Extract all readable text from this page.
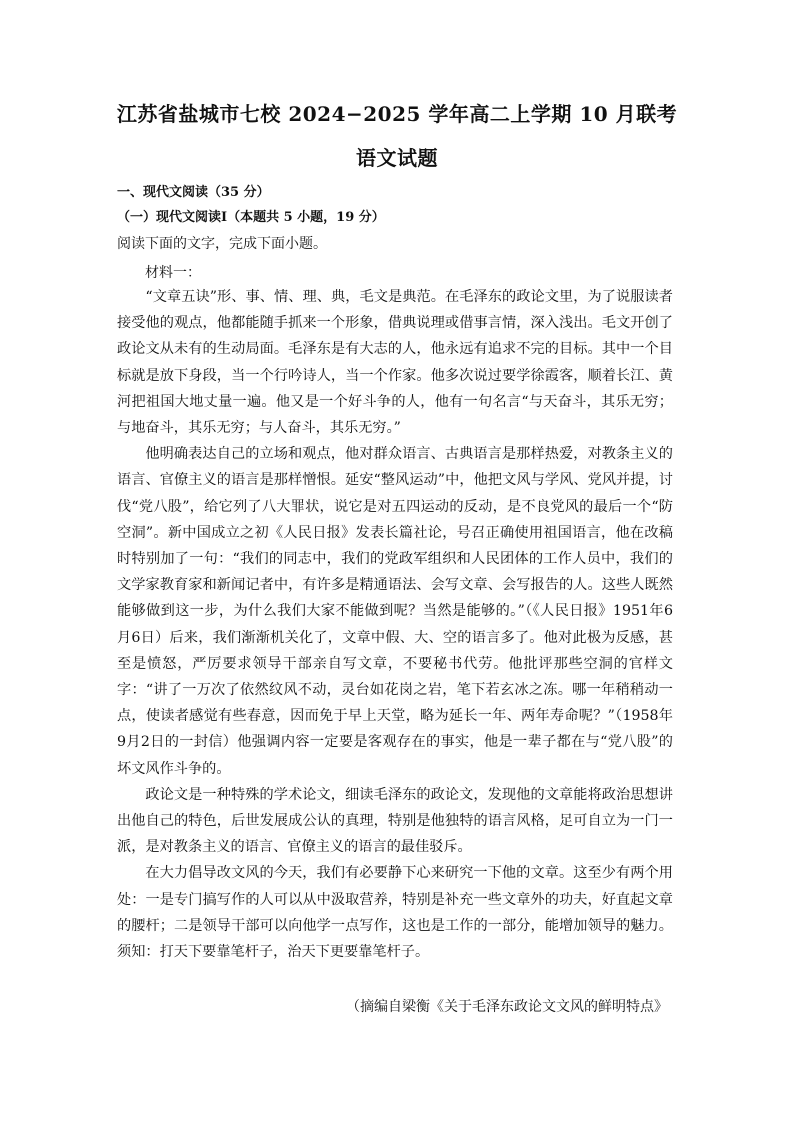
江苏省盐城市七校 2024−2025 学年高二上学期 10 月联考
语文试题
一、现代文阅读（35 分）
（一）现代文阅读Ⅰ（本题共 5 小题，19 分）
阅读下面的文字，完成下面小题。
材料一：

“文章五诀”形、事、情、理、典，毛文是典范。在毛泽东的政论文里，为了说服读者接受他的观点，他都能随手抓来一个形象，借典说理或借事言情，深入浅出。毛文开创了政论文从未有的生动局面。毛泽东是有大志的人，他永远有追求不完的目标。其中一个目标就是放下身段，当一个行吟诗人，当一个作家。他多次说过要学徐霞客，顺着长江、黄河把祖国大地丈量一遍。他又是一个好斗争的人，他有一句名言“与天奋斗，其乐无穷；与地奋斗，其乐无穷；与人奋斗，其乐无穷。”

他明确表达自己的立场和观点，他对群众语言、古典语言是那样热爱，对教条主义的语言、官僚主义的语言是那样憎恨。延安“整风运动”中，他把文风与学风、党风并提，讨伐“党八股”，给它列了八大罪状，说它是对五四运动的反动，是不良党风的最后一个“防空洞”。新中国成立之初《人民日报》发表长篇社论，号召正确使用祖国语言，他在改稿时特别加了一句：“我们的同志中，我们的党政军组织和人民团体的工作人员中，我们的文学家教育家和新闻记者中，有许多是精通语法、会写文章、会写报告的人。这些人既然能够做到这一步，为什么我们大家不能做到呢？当然是能够的。”（《人民日报》1951年6月6日）后来，我们渐渐机关化了，文章中假、大、空的语言多了。他对此极为反感，甚至是愤怒，严厉要求领导干部亲自写文章，不要秘书代劳。他批评那些空洞的官样文字：“讲了一万次了依然纹风不动，灵台如花岗之岩，笔下若玄冰之冻。哪一年稍稍动一点，使读者感觉有些春意，因而免于早上天堂，略为延长一年、两年寿命呢？”（1958年9月2日的一封信）他强调内容一定要是客观存在的事实，他是一辈子都在与“党八股”的坏文风作斗争的。

政论文是一种特殊的学术论文，细读毛泽东的政论文，发现他的文章能将政治思想讲出他自己的特色，后世发展成公认的真理，特别是他独特的语言风格，足可自立为一门一派，是对教条主义的语言、官僚主义的语言的最佳驳斥。

在大力倡导改文风的今天，我们有必要静下心来研究一下他的文章。这至少有两个用处：一是专门搞写作的人可以从中汲取营养，特别是补充一些文章外的功夫，好直起文章的腰杆；二是领导干部可以向他学一点写作，这也是工作的一部分，能增加领导的魅力。须知：打天下要靠笔杆子，治天下更要靠笔杆子。

（摘编自梁衡《关于毛泽东政论文文风的鲜明特点》
